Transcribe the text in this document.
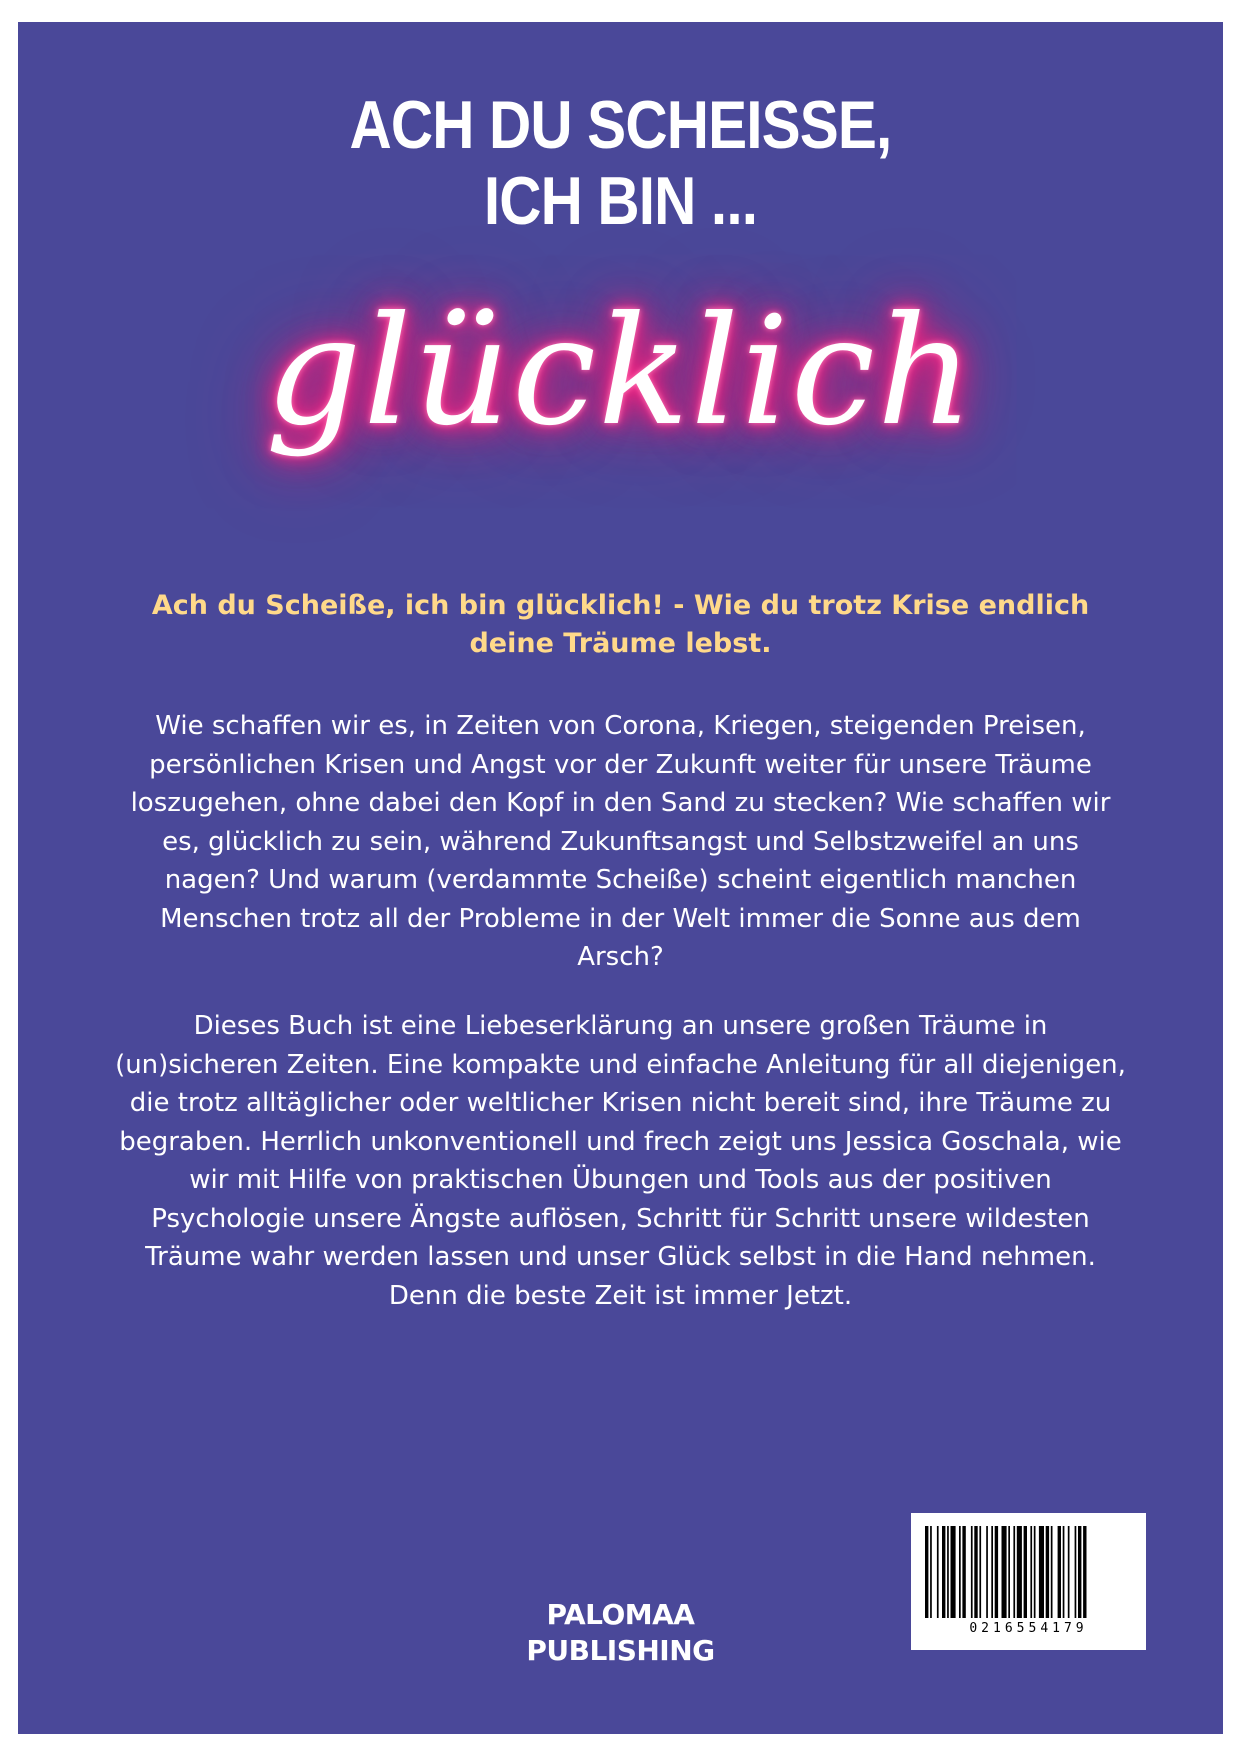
ACH DU SCHEISSE,
ICH BIN ...
glücklich
Ach du Scheiße, ich bin glücklich! - Wie du trotz Krise endlich deine Träume lebst.
Wie schaffen wir es, in Zeiten von Corona, Kriegen, steigenden Preisen, persönlichen Krisen und Angst vor der Zukunft weiter für unsere Träume loszugehen, ohne dabei den Kopf in den Sand zu stecken? Wie schaffen wir es, glücklich zu sein, während Zukunftsangst und Selbstzweifel an uns nagen? Und warum (verdammte Scheiße) scheint eigentlich manchen Menschen trotz all der Probleme in der Welt immer die Sonne aus dem Arsch?
Dieses Buch ist eine Liebeserklärung an unsere großen Träume in (un)sicheren Zeiten. Eine kompakte und einfache Anleitung für all diejenigen, die trotz alltäglicher oder weltlicher Krisen nicht bereit sind, ihre Träume zu begraben. Herrlich unkonventionell und frech zeigt uns Jessica Goschala, wie wir mit Hilfe von praktischen Übungen und Tools aus der positiven Psychologie unsere Ängste auflösen, Schritt für Schritt unsere wildesten Träume wahr werden lassen und unser Glück selbst in die Hand nehmen. Denn die beste Zeit ist immer Jetzt.
PALOMAA
PUBLISHING
0216554179
